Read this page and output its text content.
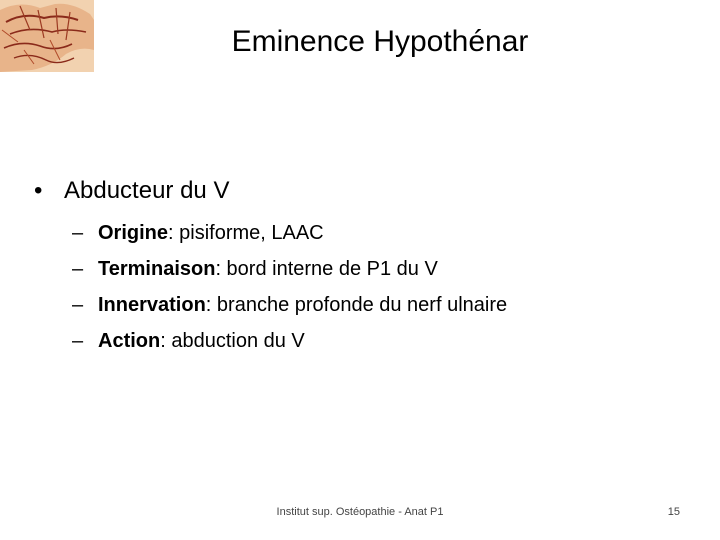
Eminence Hypothénar
• Abducteur du V
– Origine: pisiforme, LAAC
– Terminaison: bord interne de P1 du V
– Innervation: branche profonde du nerf ulnaire
– Action: abduction du V
Institut sup. Ostéopathie - Anat P1	15
